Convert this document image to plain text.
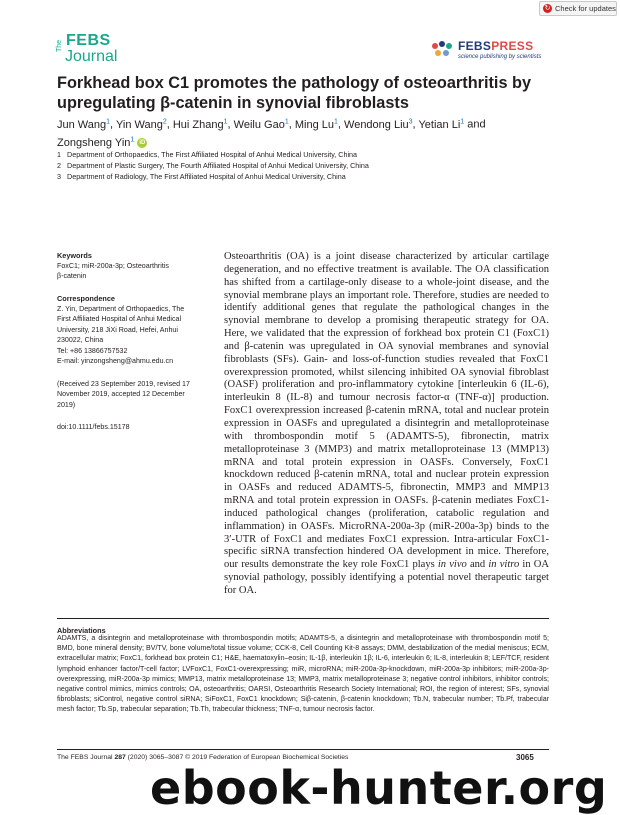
↻ Check for updates
The FEBS
Journal
FEBSPRESS
science publishing by scientists
Forkhead box C1 promotes the pathology of osteoarthritis by upregulating β-catenin in synovial fibroblasts
Jun Wang$^1$, Yin Wang$^2$, Hui Zhang$^1$, Weilu Gao$^1$, Ming Lu$^1$, Wendong Liu$^3$, Yetian Li$^1$ and
Zongsheng Yin$^1$ iD
1 Department of Orthopaedics, The First Affiliated Hospital of Anhui Medical University, China
2 Department of Plastic Surgery, The Fourth Affiliated Hospital of Anhui Medical University, China
3 Department of Radiology, The First Affiliated Hospital of Anhui Medical University, China
Keywords
FoxC1; miR-200a-3p; Osteoarthritis
β-catenin
Correspondence
Z. Yin, Department of Orthopaedics, The
First Affiliated Hospital of Anhui Medical
University, 218 JiXi Road, Hefei, Anhui
230022, China
Tel: +86 13866757532
E-mail: yinzongsheng@ahmu.edu.cn
(Received 23 September 2019, revised 17
November 2019, accepted 12 December
2019)
doi:10.1111/febs.15178
Osteoarthritis (OA) is a joint disease characterized by articular cartilage degeneration, and no effective treatment is available. The OA classification has shifted from a cartilage-only disease to a whole-joint disease, and the synovial membrane plays an important role. Therefore, studies are needed to identify additional genes that regulate the pathological changes in the synovial membrane to develop a promising therapeutic strategy for OA. Here, we validated that the expression of forkhead box protein C1 (FoxC1) and β-catenin was upregulated in OA synovial membranes and synovial fibroblasts (SFs). Gain- and loss-of-function studies revealed that FoxC1 overexpression promoted, whilst silencing inhibited OA synovial fibroblast (OASF) proliferation and pro-inflammatory cytokine [interleukin 6 (IL-6), interleukin 8 (IL-8) and tumour necrosis factor-α (TNF-α)] production. FoxC1 overexpression increased β-catenin mRNA, total and nuclear protein expression in OASFs and upregulated a disintegrin and metalloproteinase with thrombospondin motif 5 (ADAMTS-5), fibronectin, matrix metalloproteinase 3 (MMP3) and matrix metalloproteinase 13 (MMP13) mRNA and total protein expression in OASFs. Conversely, FoxC1 knockdown reduced β-catenin mRNA, total and nuclear protein expression in OASFs and reduced ADAMTS-5, fibronectin, MMP3 and MMP13 mRNA and total protein expression in OASFs. β-catenin mediates FoxC1-induced pathological changes (proliferation, catabolic regulation and inflammation) in OASFs. MicroRNA-200a-3p (miR-200a-3p) binds to the 3′-UTR of FoxC1 and mediates FoxC1 expression. Intra-articular FoxC1-specific siRNA transfection hindered OA development in mice. Therefore, our results demonstrate the key role FoxC1 plays in vivo and in vitro in OA synovial pathology, possibly identifying a potential novel therapeutic target for OA.
Abbreviations
ADAMTS, a disintegrin and metalloproteinase with thrombospondin motifs; ADAMTS-5, a disintegrin and metalloproteinase with thrombospondin motif 5; BMD, bone mineral density; BV/TV, bone volume/total tissue volume; CCK-8, Cell Counting Kit-8 assays; DMM, destabilization of the medial meniscus; ECM, extracellular matrix; FoxC1, forkhead box protein C1; H&E, haematoxylin–eosin; IL-1β, interleukin 1β; IL-6, interleukin 6; IL-8, interleukin 8; LEF/TCF, resident lymphoid enhancer factor/T-cell factor; LVFoxC1, FoxC1-overexpressing; miR, microRNA; miR-200a-3p-knockdown, miR-200a-3p inhibitors; miR-200a-3p-overexpressing, miR-200a-3p mimics; MMP13, matrix metalloproteinase 13; MMP3, matrix metalloproteinase 3; negative control inhibitors, inhibitor controls; negative control mimics, mimics controls; OA, osteoarthritis; OARSI, Osteoarthritis Research Society International; ROI, the region of interest; SFs, synovial fibroblasts; siControl, negative control siRNA; SiFoxC1, FoxC1 knockdown; Siβ-catenin, β-catenin knockdown; Tb.N, trabecular number; Tb.Pf, trabecular mesh factor; Tb.Sp, trabecular separation; Tb.Th, trabecular thickness; TNF-α, tumour necrosis factor.
The FEBS Journal 287 (2020) 3065–3087 © 2019 Federation of European Biochemical Societies	3065
ebook-hunter.org
